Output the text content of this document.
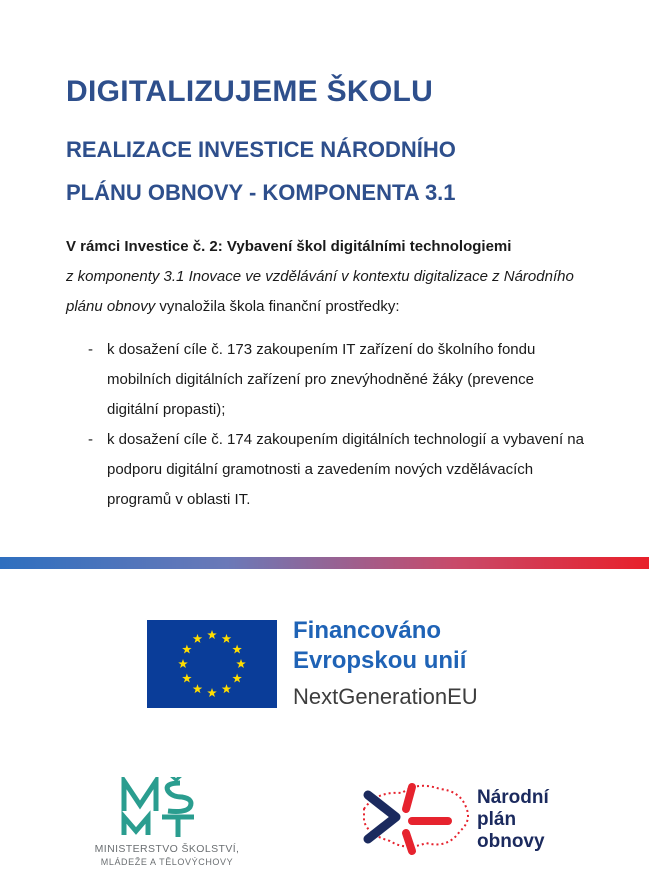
DIGITALIZUJEME ŠKOLU
REALIZACE INVESTICE NÁRODNÍHO
PLÁNU OBNOVY - KOMPONENTA 3.1
V rámci Investice č. 2: Vybavení škol digitálními technologiemi
z komponenty 3.1 Inovace ve vzdělávání v kontextu digitalizace z Národního plánu obnovy vynaložila škola finanční prostředky:
- k dosažení cíle č. 173 zakoupením IT zařízení do školního fondu mobilních digitálních zařízení pro znevýhodněné žáky (prevence digitální propasti);
- k dosažení cíle č. 174 zakoupením digitálních technologií a vybavení na podporu digitální gramotnosti a zavedením nových vzdělávacích programů v oblasti IT.
Financováno
Evropskou unií
NextGenerationEU
MINISTERSTVO ŠKOLSTVÍ,
MLÁDEŽE A TĚLOVÝCHOVY
Národní
plán
obnovy
